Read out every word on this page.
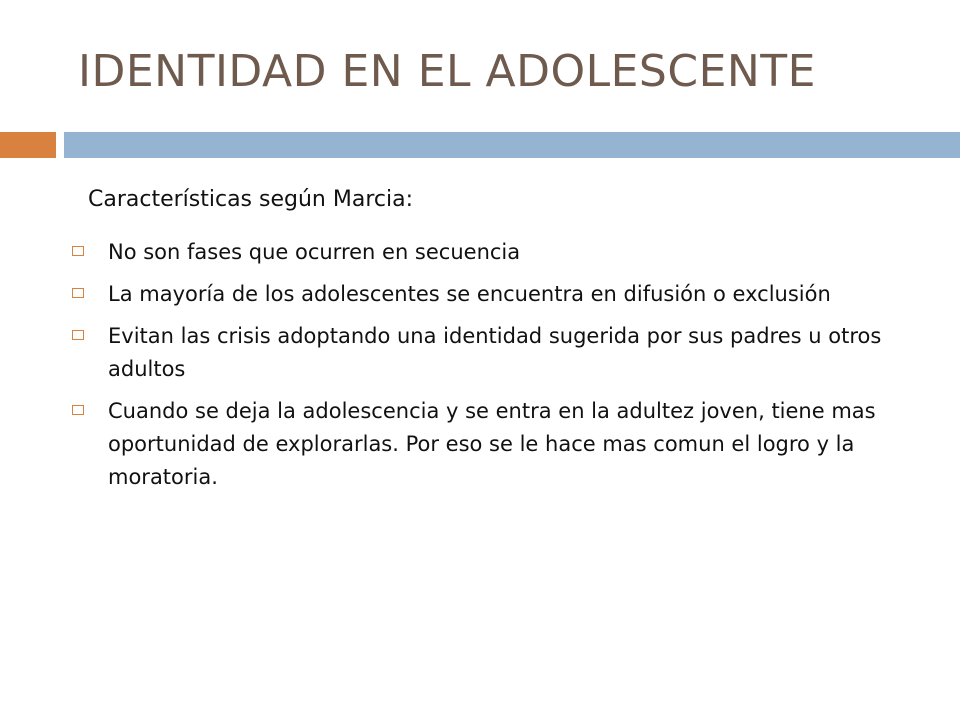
IDENTIDAD EN EL ADOLESCENTE
Características según Marcia:
No son fases que ocurren en secuencia
La mayoría de los adolescentes se encuentra en difusión o exclusión
Evitan las crisis adoptando una identidad sugerida por sus padres u otros adultos
Cuando se deja la adolescencia y se entra en la adultez joven, tiene mas oportunidad de explorarlas. Por eso se le hace mas comun el logro y la moratoria.
